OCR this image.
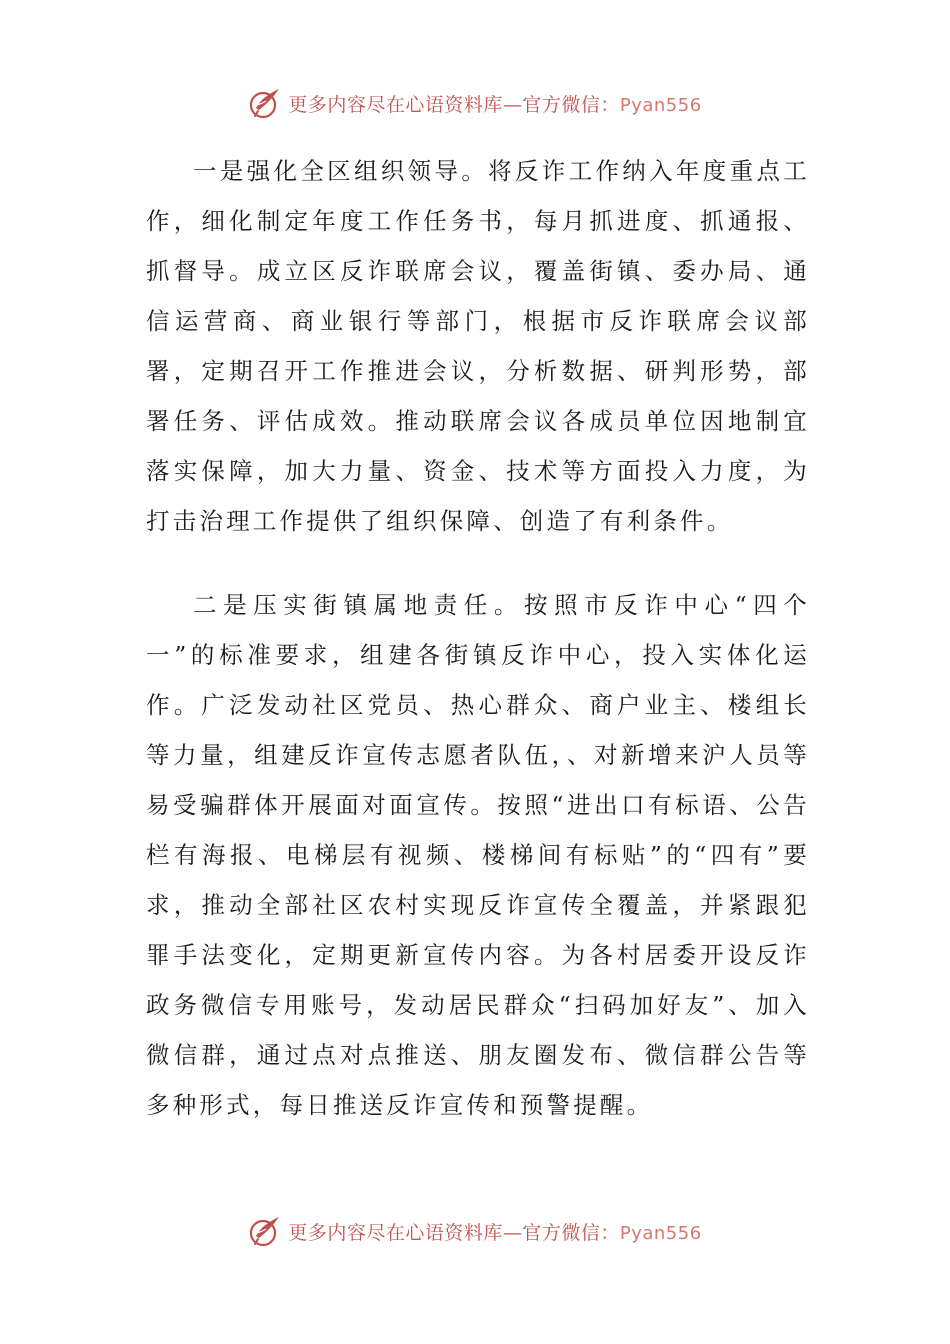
更多内容尽在心语资料库—官方微信：Pyan556

一是强化全区组织领导。将反诈工作纳入年度重点工作，细化制定年度工作任务书，每月抓进度、抓通报、抓督导。成立区反诈联席会议，覆盖街镇、委办局、通信运营商、商业银行等部门，根据市反诈联席会议部署，定期召开工作推进会议，分析数据、研判形势，部署任务、评估成效。推动联席会议各成员单位因地制宜落实保障，加大力量、资金、技术等方面投入力度，为打击治理工作提供了组织保障、创造了有利条件。

二是压实街镇属地责任。按照市反诈中心“四个一”的标准要求，组建各街镇反诈中心，投入实体化运作。广泛发动社区党员、热心群众、商户业主、楼组长等力量，组建反诈宣传志愿者队伍，、对新增来沪人员等易受骗群体开展面对面宣传。按照“进出口有标语、公告栏有海报、电梯层有视频、楼梯间有标贴”的“四有”要求，推动全部社区农村实现反诈宣传全覆盖，并紧跟犯罪手法变化，定期更新宣传内容。为各村居委开设反诈政务微信专用账号，发动居民群众“扫码加好友”、加入微信群，通过点对点推送、朋友圈发布、微信群公告等多种形式，每日推送反诈宣传和预警提醒。

更多内容尽在心语资料库—官方微信：Pyan556
